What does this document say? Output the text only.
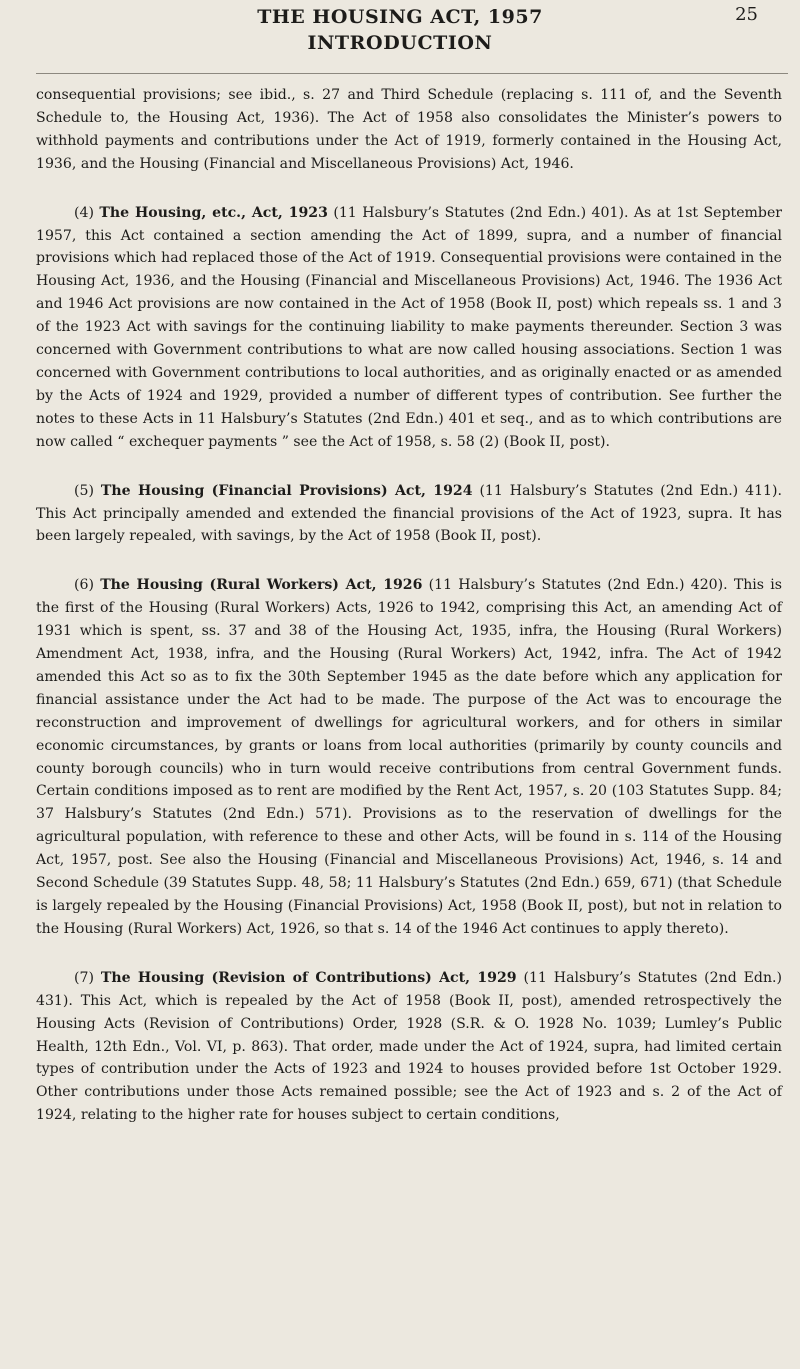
THE HOUSING ACT, 1957	25
INTRODUCTION

consequential provisions; see ibid., s. 27 and Third Schedule (replacing s. 111 of, and the Seventh Schedule to, the Housing Act, 1936). The Act of 1958 also consolidates the Minister’s powers to withhold payments and contributions under the Act of 1919, formerly contained in the Housing Act, 1936, and the Housing (Financial and Miscellaneous Provisions) Act, 1946.

(4) The Housing, etc., Act, 1923 (11 Halsbury’s Statutes (2nd Edn.) 401). As at 1st September 1957, this Act contained a section amending the Act of 1899, supra, and a number of financial provisions which had replaced those of the Act of 1919. Consequential provisions were contained in the Housing Act, 1936, and the Housing (Financial and Miscellaneous Provisions) Act, 1946. The 1936 Act and 1946 Act provisions are now contained in the Act of 1958 (Book II, post) which repeals ss. 1 and 3 of the 1923 Act with savings for the continuing liability to make payments thereunder. Section 3 was concerned with Government contributions to what are now called housing associations. Section 1 was concerned with Government contributions to local authorities, and as originally enacted or as amended by the Acts of 1924 and 1929, provided a number of different types of contribution. See further the notes to these Acts in 11 Halsbury’s Statutes (2nd Edn.) 401 et seq., and as to which contributions are now called “ exchequer payments ” see the Act of 1958, s. 58 (2) (Book II, post).

(5) The Housing (Financial Provisions) Act, 1924 (11 Halsbury’s Statutes (2nd Edn.) 411). This Act principally amended and extended the financial provisions of the Act of 1923, supra. It has been largely repealed, with savings, by the Act of 1958 (Book II, post).

(6) The Housing (Rural Workers) Act, 1926 (11 Halsbury’s Statutes (2nd Edn.) 420). This is the first of the Housing (Rural Workers) Acts, 1926 to 1942, comprising this Act, an amending Act of 1931 which is spent, ss. 37 and 38 of the Housing Act, 1935, infra, the Housing (Rural Workers) Amendment Act, 1938, infra, and the Housing (Rural Workers) Act, 1942, infra. The Act of 1942 amended this Act so as to fix the 30th September 1945 as the date before which any application for financial assistance under the Act had to be made. The purpose of the Act was to encourage the reconstruction and improvement of dwellings for agricultural workers, and for others in similar economic circumstances, by grants or loans from local authorities (primarily by county councils and county borough councils) who in turn would receive contributions from central Government funds. Certain conditions imposed as to rent are modified by the Rent Act, 1957, s. 20 (103 Statutes Supp. 84; 37 Halsbury’s Statutes (2nd Edn.) 571). Provisions as to the reservation of dwellings for the agricultural population, with reference to these and other Acts, will be found in s. 114 of the Housing Act, 1957, post. See also the Housing (Financial and Miscellaneous Provisions) Act, 1946, s. 14 and Second Schedule (39 Statutes Supp. 48, 58; 11 Halsbury’s Statutes (2nd Edn.) 659, 671) (that Schedule is largely repealed by the Housing (Financial Provisions) Act, 1958 (Book II, post), but not in relation to the Housing (Rural Workers) Act, 1926, so that s. 14 of the 1946 Act continues to apply thereto).

(7) The Housing (Revision of Contributions) Act, 1929 (11 Halsbury’s Statutes (2nd Edn.) 431). This Act, which is repealed by the Act of 1958 (Book II, post), amended retrospectively the Housing Acts (Revision of Contributions) Order, 1928 (S.R. & O. 1928 No. 1039; Lumley’s Public Health, 12th Edn., Vol. VI, p. 863). That order, made under the Act of 1924, supra, had limited certain types of contribution under the Acts of 1923 and 1924 to houses provided before 1st October 1929. Other contributions under those Acts remained possible; see the Act of 1923 and s. 2 of the Act of 1924, relating to the higher rate for houses subject to certain conditions,
